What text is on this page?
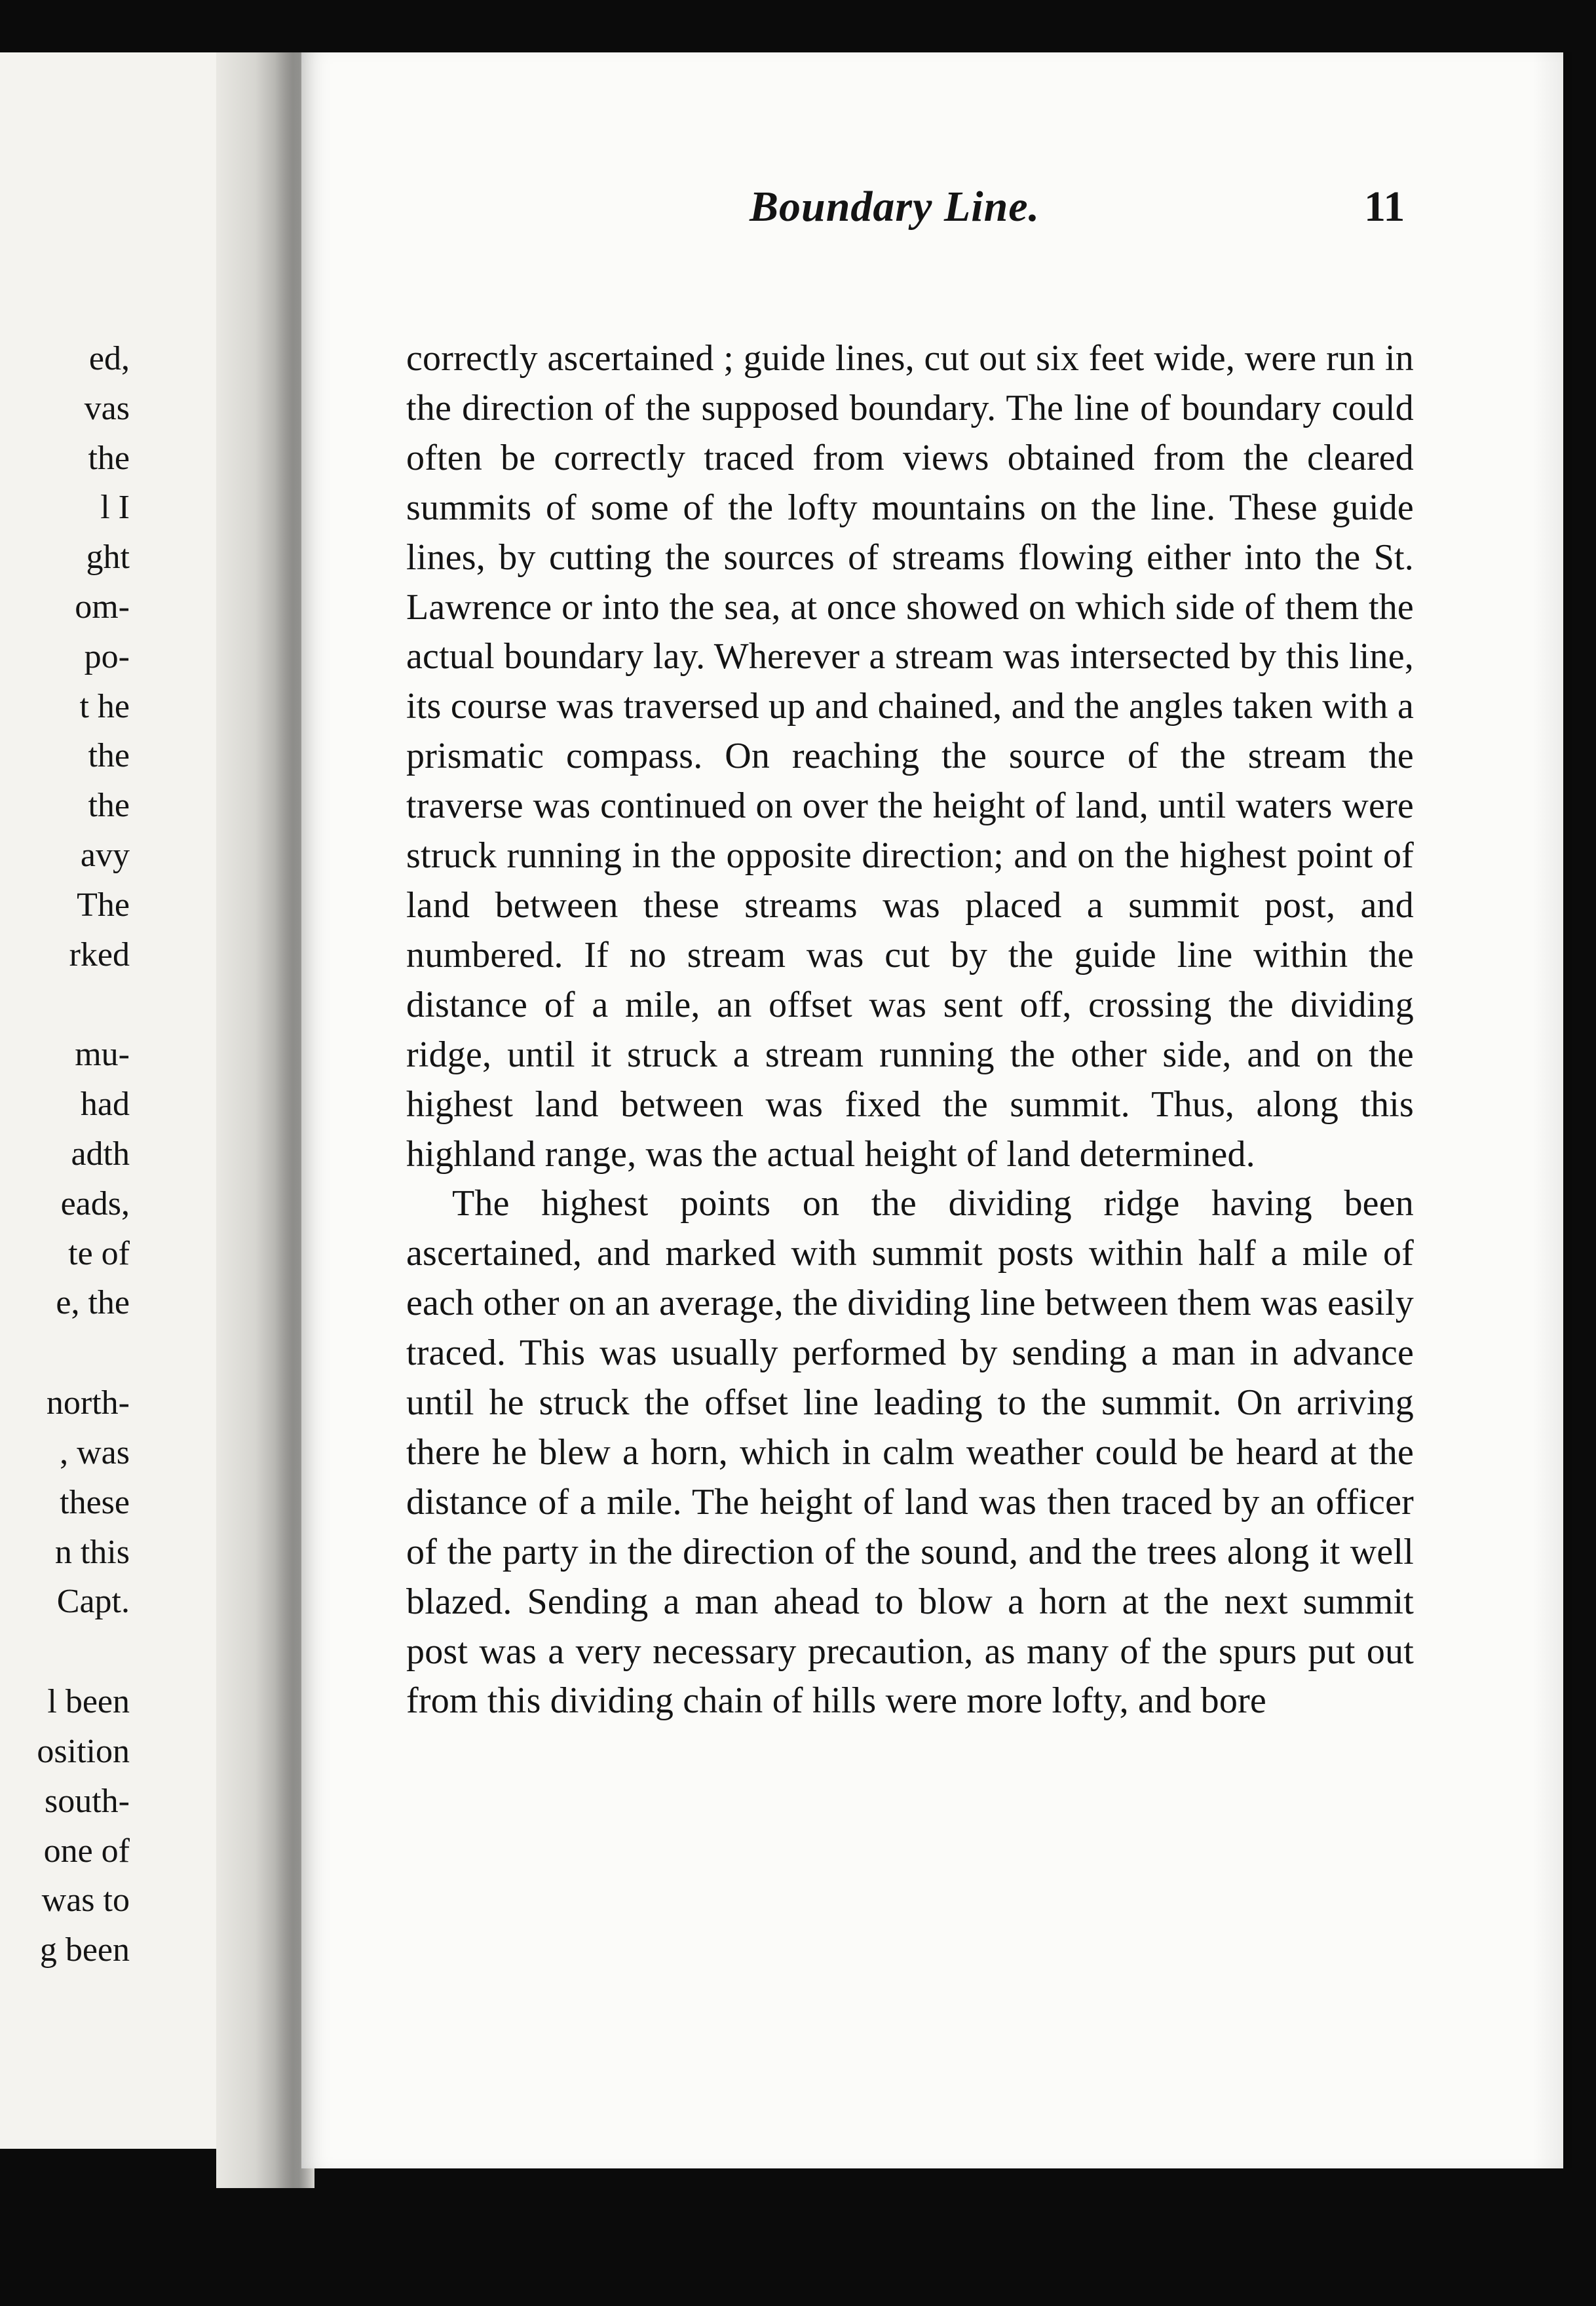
ed,
vas
the
l I
ght
om-
po-
t he
the
the
avy
The
rked
mu-
had
adth
eads,
te of
e, the
north-
, was
these
n this
Capt.
l been
osition
south-
one of
was to
g been
Boundary Line.	11

correctly ascertained ; guide lines, cut out six feet wide, were run in the direction of the supposed boundary. The line of boundary could often be correctly traced from views obtained from the cleared summits of some of the lofty mountains on the line. These guide lines, by cutting the sources of streams flowing either into the St. Lawrence or into the sea, at once showed on which side of them the actual boundary lay. Wherever a stream was intersected by this line, its course was traversed up and chained, and the angles taken with a prismatic compass. On reaching the source of the stream the traverse was continued on over the height of land, until waters were struck running in the opposite direction; and on the highest point of land between these streams was placed a summit post, and numbered. If no stream was cut by the guide line within the distance of a mile, an offset was sent off, crossing the dividing ridge, until it struck a stream running the other side, and on the highest land between was fixed the summit. Thus, along this highland range, was the actual height of land determined.

The highest points on the dividing ridge having been ascertained, and marked with summit posts within half a mile of each other on an average, the dividing line between them was easily traced. This was usually performed by sending a man in advance until he struck the offset line leading to the summit. On arriving there he blew a horn, which in calm weather could be heard at the distance of a mile. The height of land was then traced by an officer of the party in the direction of the sound, and the trees along it well blazed. Sending a man ahead to blow a horn at the next summit post was a very necessary precaution, as many of the spurs put out from this dividing chain of hills were more lofty, and bore
